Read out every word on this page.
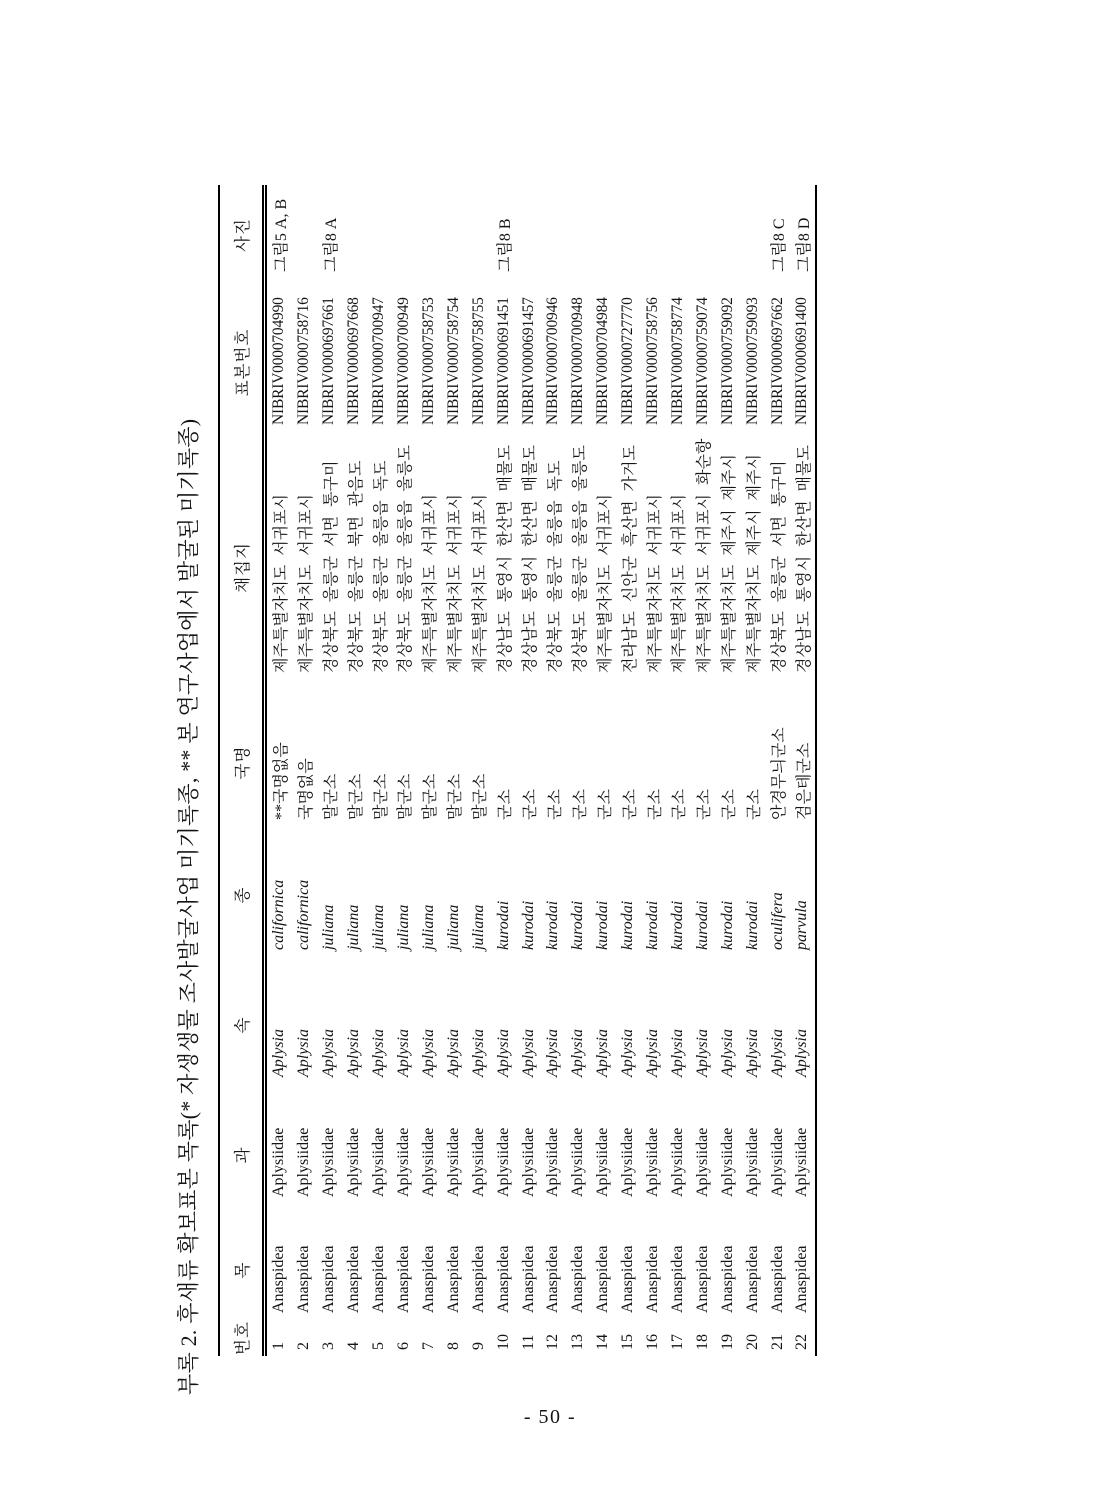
부록 2. 후새류 확보표본 목록(* 자생생물 조사발굴사업 미기록종, ** 본 연구사업에서 발굴된 미기록종) 번호	목	과	속	종	국명	채집지	표본번호	사진
1	Anaspidea	Aplysiidae	Aplysia	californica	**국명없음	제주특별자치도 서귀포시	NIBRIV0000704990	그림5 A, B
2	Anaspidea	Aplysiidae	Aplysia	californica	국명없음	제주특별자치도 서귀포시	NIBRIV0000758716	
3	Anaspidea	Aplysiidae	Aplysia	juliana	말군소	경상북도 울릉군 서면 통구미	NIBRIV0000697661	그림8 A
4	Anaspidea	Aplysiidae	Aplysia	juliana	말군소	경상북도 울릉군 북면 관음도	NIBRIV0000697668	
5	Anaspidea	Aplysiidae	Aplysia	juliana	말군소	경상북도 울릉군 울릉읍 독도	NIBRIV0000700947	
6	Anaspidea	Aplysiidae	Aplysia	juliana	말군소	경상북도 울릉군 울릉읍 울릉도	NIBRIV0000700949	
7	Anaspidea	Aplysiidae	Aplysia	juliana	말군소	제주특별자치도 서귀포시	NIBRIV0000758753	
8	Anaspidea	Aplysiidae	Aplysia	juliana	말군소	제주특별자치도 서귀포시	NIBRIV0000758754	
9	Anaspidea	Aplysiidae	Aplysia	juliana	말군소	제주특별자치도 서귀포시	NIBRIV0000758755	
10	Anaspidea	Aplysiidae	Aplysia	kurodai	군소	경상남도 통영시 한산면 매물도	NIBRIV0000691451	그림8 B
11	Anaspidea	Aplysiidae	Aplysia	kurodai	군소	경상남도 통영시 한산면 매물도	NIBRIV0000691457	
12	Anaspidea	Aplysiidae	Aplysia	kurodai	군소	경상북도 울릉군 울릉읍 독도	NIBRIV0000700946	
13	Anaspidea	Aplysiidae	Aplysia	kurodai	군소	경상북도 울릉군 울릉읍 울릉도	NIBRIV0000700948	
14	Anaspidea	Aplysiidae	Aplysia	kurodai	군소	제주특별자치도 서귀포시	NIBRIV0000704984	
15	Anaspidea	Aplysiidae	Aplysia	kurodai	군소	전라남도 신안군 흑산면 가거도	NIBRIV0000727770	
16	Anaspidea	Aplysiidae	Aplysia	kurodai	군소	제주특별자치도 서귀포시	NIBRIV0000758756	
17	Anaspidea	Aplysiidae	Aplysia	kurodai	군소	제주특별자치도 서귀포시	NIBRIV0000758774	
18	Anaspidea	Aplysiidae	Aplysia	kurodai	군소	제주특별자치도 서귀포시 화순항	NIBRIV0000759074	
19	Anaspidea	Aplysiidae	Aplysia	kurodai	군소	제주특별자치도 제주시 제주시	NIBRIV0000759092	
20	Anaspidea	Aplysiidae	Aplysia	kurodai	군소	제주특별자치도 제주시 제주시	NIBRIV0000759093	
21	Anaspidea	Aplysiidae	Aplysia	oculifera	안경무늬군소	경상북도 울릉군 서면 통구미	NIBRIV0000697662	그림8 C
22	Anaspidea	Aplysiidae	Aplysia	parvula	검은테군소	경상남도 통영시 한산면 매물도	NIBRIV0000691400	그림8 D
- 50 -
